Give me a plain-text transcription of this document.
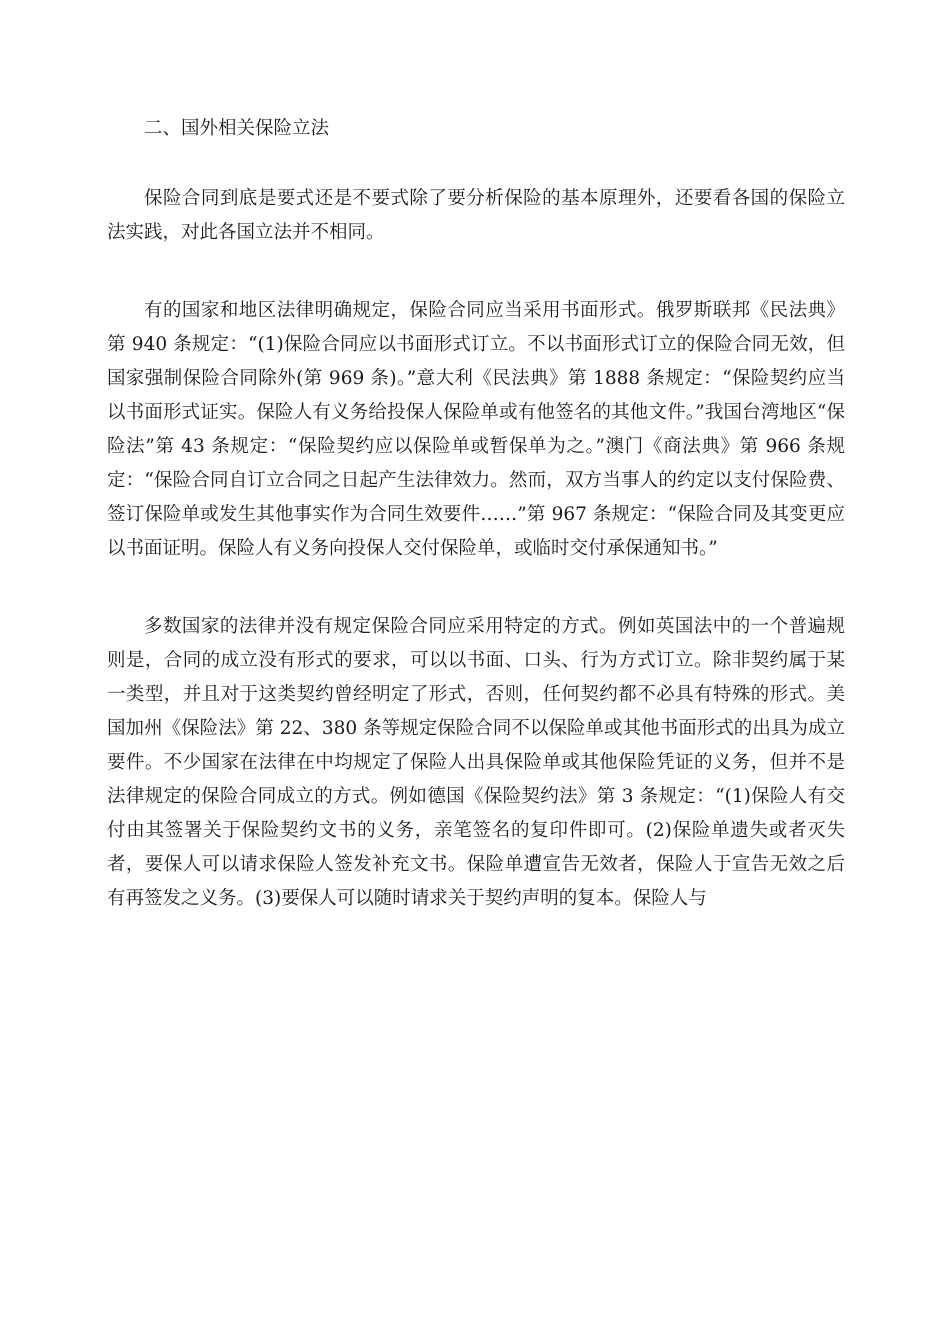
二、国外相关保险立法

保险合同到底是要式还是不要式除了要分析保险的基本原理外，还要看各国的保险立法实践，对此各国立法并不相同。

有的国家和地区法律明确规定，保险合同应当采用书面形式。俄罗斯联邦《民法典》第 940 条规定：“(1)保险合同应以书面形式订立。不以书面形式订立的保险合同无效，但国家强制保险合同除外(第 969 条)。”意大利《民法典》第 1888 条规定：“保险契约应当以书面形式证实。保险人有义务给投保人保险单或有他签名的其他文件。”我国台湾地区“保险法”第 43 条规定：“保险契约应以保险单或暂保单为之。”澳门《商法典》第 966 条规定：“保险合同自订立合同之日起产生法律效力。然而，双方当事人的约定以支付保险费、签订保险单或发生其他事实作为合同生效要件……”第 967 条规定：“保险合同及其变更应以书面证明。保险人有义务向投保人交付保险单，或临时交付承保通知书。”

多数国家的法律并没有规定保险合同应采用特定的方式。例如英国法中的一个普遍规则是，合同的成立没有形式的要求，可以以书面、口头、行为方式订立。除非契约属于某一类型，并且对于这类契约曾经明定了形式，否则，任何契约都不必具有特殊的形式。美国加州《保险法》第 22、380 条等规定保险合同不以保险单或其他书面形式的出具为成立要件。不少国家在法律在中均规定了保险人出具保险单或其他保险凭证的义务，但并不是法律规定的保险合同成立的方式。例如德国《保险契约法》第 3 条规定：“(1)保险人有交付由其签署关于保险契约文书的义务，亲笔签名的复印件即可。(2)保险单遗失或者灭失者，要保人可以请求保险人签发补充文书。保险单遭宣告无效者，保险人于宣告无效之后有再签发之义务。(3)要保人可以随时请求关于契约声明的复本。保险人与
